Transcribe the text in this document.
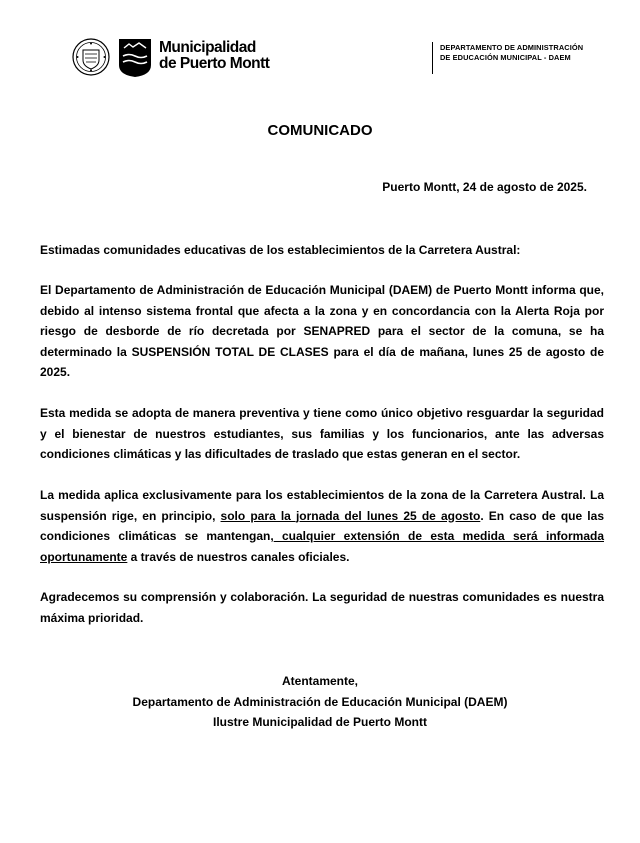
Municipalidad
de Puerto Montt
DEPARTAMENTO DE ADMINISTRACIÓN
DE EDUCACIÓN MUNICIPAL - DAEM
COMUNICADO
Puerto Montt, 24 de agosto de 2025.

Estimadas comunidades educativas de los establecimientos de la Carretera Austral:

El Departamento de Administración de Educación Municipal (DAEM) de Puerto Montt informa que, debido al intenso sistema frontal que afecta a la zona y en concordancia con la Alerta Roja por riesgo de desborde de río decretada por SENAPRED para el sector de la comuna, se ha determinado la SUSPENSIÓN TOTAL DE CLASES para el día de mañana, lunes 25 de agosto de 2025.

Esta medida se adopta de manera preventiva y tiene como único objetivo resguardar la seguridad y el bienestar de nuestros estudiantes, sus familias y los funcionarios, ante las adversas condiciones climáticas y las dificultades de traslado que estas generan en el sector.

La medida aplica exclusivamente para los establecimientos de la zona de la Carretera Austral. La suspensión rige, en principio, solo para la jornada del lunes 25 de agosto. En caso de que las condiciones climáticas se mantengan, cualquier extensión de esta medida será informada oportunamente a través de nuestros canales oficiales.

Agradecemos su comprensión y colaboración. La seguridad de nuestras comunidades es nuestra máxima prioridad.

Atentamente,
Departamento de Administración de Educación Municipal (DAEM)
Ilustre Municipalidad de Puerto Montt
